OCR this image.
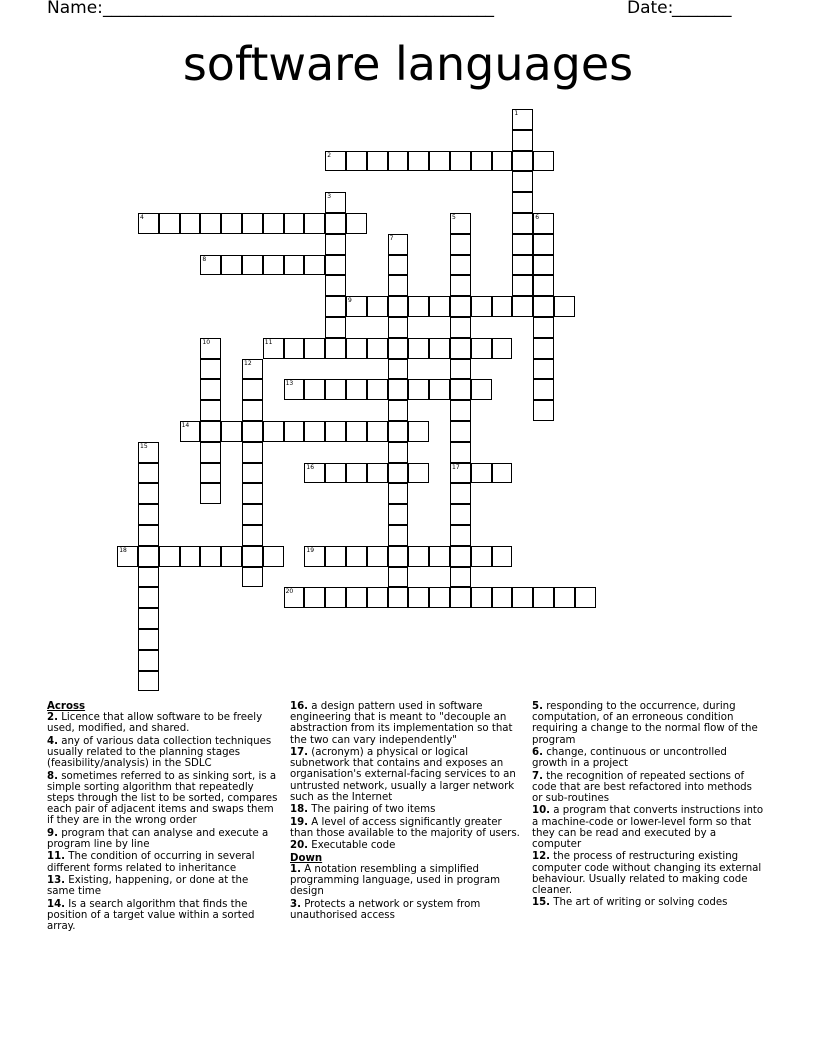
Name:

______________________________________________

	Date:

_______

software languages
1
2
3
4	5
17
6
7
8
9
10	11
12
13
14
15
16
18	19
20
Across
2. Licence that allow software to be freely used, modified, and shared.
4. any of various data collection techniques usually related to the planning stages (feasibility/analysis) in the SDLC
8. sometimes referred to as sinking sort, is a simple sorting algorithm that repeatedly steps through the list to be sorted, compares each pair of adjacent items and swaps them if they are in the wrong order
9. program that can analyse and execute a program line by line
11. The condition of occurring in several different forms related to inheritance
13. Existing, happening, or done at the same time
14. Is a search algorithm that finds the position of a target value within a sorted array.
16. a design pattern used in software engineering that is meant to "decouple an abstraction from its implementation so that the two can vary independently"
17. (acronym) a physical or logical subnetwork that contains and exposes an organisation's external-facing services to an untrusted network, usually a larger network such as the Internet
18. The pairing of two items
19. A level of access significantly greater than those available to the majority of users.
20. Executable code
Down
1. A notation resembling a simplified programming language, used in program design
3. Protects a network or system from unauthorised access
5. responding to the occurrence, during computation, of an erroneous condition requiring a change to the normal flow of the program
6. change, continuous or uncontrolled growth in a project
7. the recognition of repeated sections of code that are best refactored into methods or sub-routines
10. a program that converts instructions into a machine-code or lower-level form so that they can be read and executed by a computer
12. the process of restructuring existing computer code without changing its external behaviour. Usually related to making code cleaner.
15. The art of writing or solving codes
